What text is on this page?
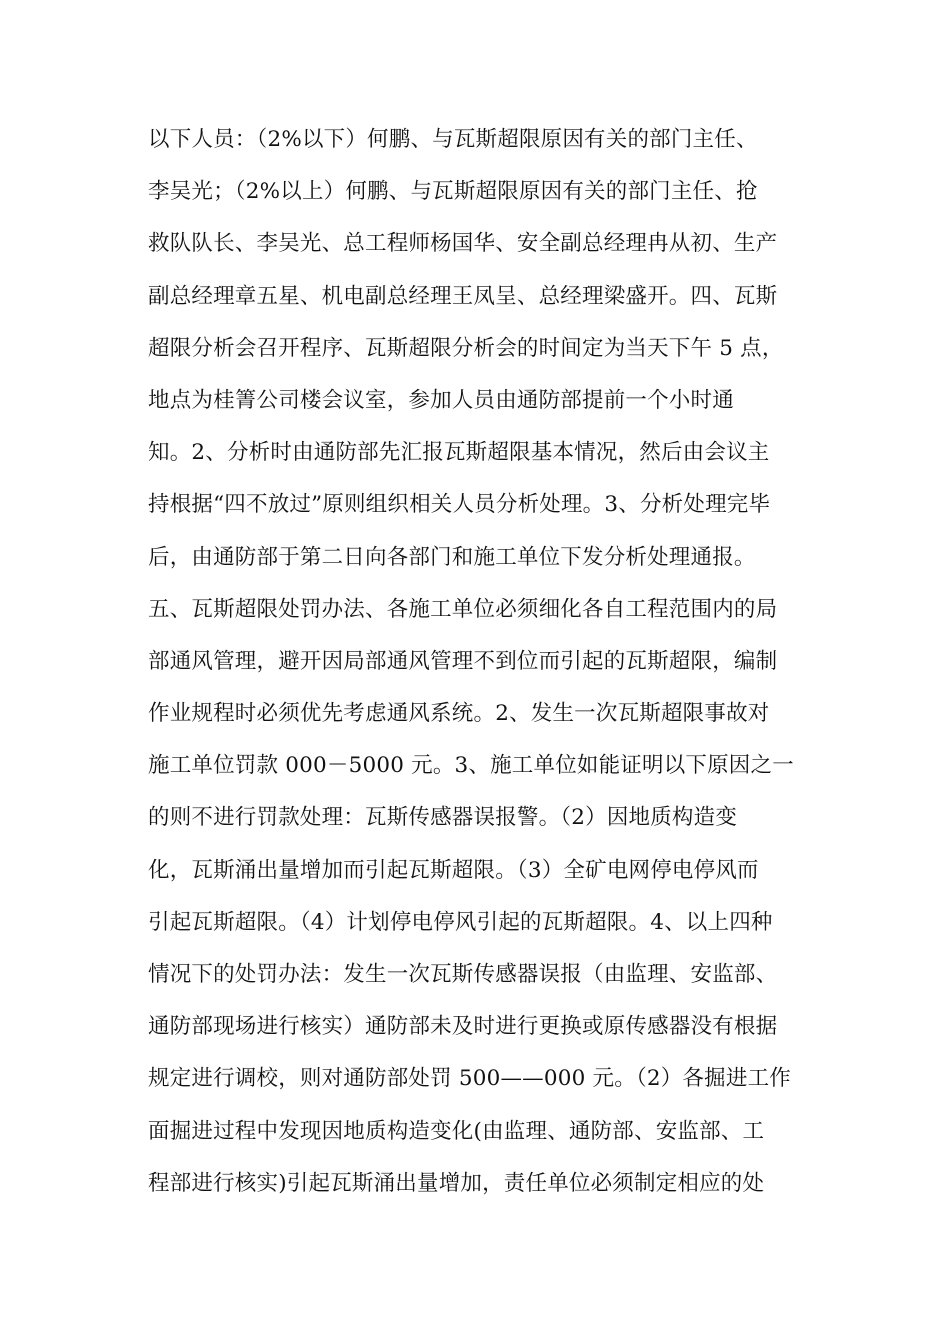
以下人员：（2%以下）何鹏、与瓦斯超限原因有关的部门主任、
李吴光；（2%以上）何鹏、与瓦斯超限原因有关的部门主任、抢
救队队长、李吴光、总工程师杨国华、安全副总经理冉从初、生产
副总经理章五星、机电副总经理王凤呈、总经理梁盛开。四、瓦斯
超限分析会召开程序、瓦斯超限分析会的时间定为当天下午 5 点，
地点为桂箐公司楼会议室，参加人员由通防部提前一个小时通
知。2、分析时由通防部先汇报瓦斯超限基本情况，然后由会议主
持根据“四不放过”原则组织相关人员分析处理。3、分析处理完毕
后，由通防部于第二日向各部门和施工单位下发分析处理通报。
五、瓦斯超限处罚办法、各施工单位必须细化各自工程范围内的局
部通风管理，避开因局部通风管理不到位而引起的瓦斯超限，编制
作业规程时必须优先考虑通风系统。2、发生一次瓦斯超限事故对
施工单位罚款 000－5000 元。3、施工单位如能证明以下原因之一
的则不进行罚款处理：瓦斯传感器误报警。（2）因地质构造变
化，瓦斯涌出量增加而引起瓦斯超限。（3）全矿电网停电停风而
引起瓦斯超限。（4）计划停电停风引起的瓦斯超限。4、以上四种
情况下的处罚办法：发生一次瓦斯传感器误报（由监理、安监部、
通防部现场进行核实）通防部未及时进行更换或原传感器没有根据
规定进行调校，则对通防部处罚 500——000 元。（2）各掘进工作
面掘进过程中发现因地质构造变化(由监理、通防部、安监部、工
程部进行核实)引起瓦斯涌出量增加，责任单位必须制定相应的处
